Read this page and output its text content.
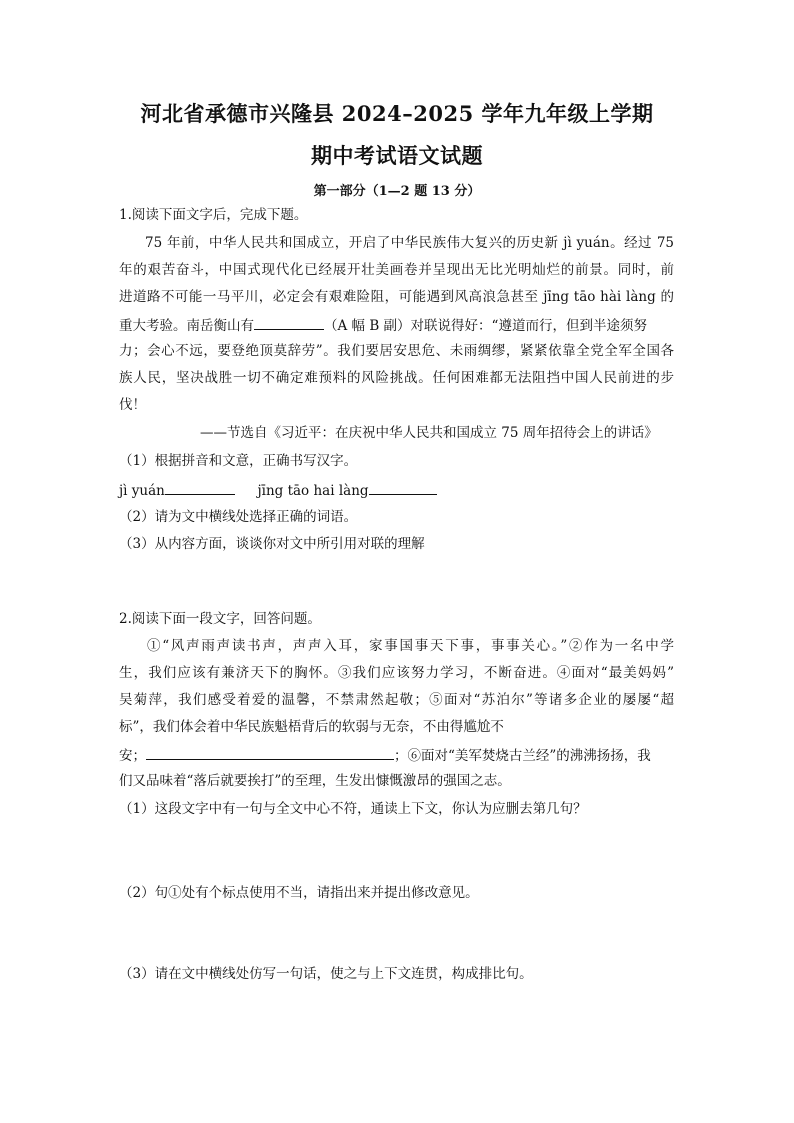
河北省承德市兴隆县 2024–2025 学年九年级上学期
期中考试语文试题
第一部分（1—2 题 13 分）
1.阅读下面文字后，完成下题。
75 年前，中华人民共和国成立，开启了中华民族伟大复兴的历史新 jì yuán。经过 75
年的艰苦奋斗，中国式现代化已经展开壮美画卷并呈现出无比光明灿烂的前景。同时，前
进道路不可能一马平川，必定会有艰难险阻，可能遇到风高浪急甚至 jīng tāo hài làng 的
重大考验。南岳衡山有	（A 幅 B 副）对联说得好：“遵道而行，但到半途须努
力；会心不远，要登绝顶莫辞劳”。我们要居安思危、未雨绸缪，紧紧依靠全党全军全国各
族人民，坚决战胜一切不确定难预料的风险挑战。任何困难都无法阻挡中国人民前进的步
伐！
——节选自《习近平：在庆祝中华人民共和国成立 75 周年招待会上的讲话》
（1）根据拼音和文意，正确书写汉字。
jì yuán	jīng tāo hai làng
（2）请为文中横线处选择正确的词语。
（3）从内容方面，谈谈你对文中所引用对联的理解
2.阅读下面一段文字，回答问题。
①“风声雨声读书声，声声入耳，家事国事天下事，事事关心。”②作为一名中学
生，我们应该有兼济天下的胸怀。③我们应该努力学习，不断奋进。④面对“最美妈妈”
吴菊萍，我们感受着爱的温馨，不禁肃然起敬；⑤面对“苏泊尔”等诸多企业的屡屡“超
标”，我们体会着中华民族魁梧背后的软弱与无奈，不由得尴尬不
安；	；⑥面对“美军焚烧古兰经”的沸沸扬扬，我
们又品味着“落后就要挨打”的至理，生发出慷慨激昂的强国之志。
（1）这段文字中有一句与全文中心不符，通读上下文，你认为应删去第几句？
（2）句①处有个标点使用不当，请指出来并提出修改意见。
（3）请在文中横线处仿写一句话，使之与上下文连贯，构成排比句。
